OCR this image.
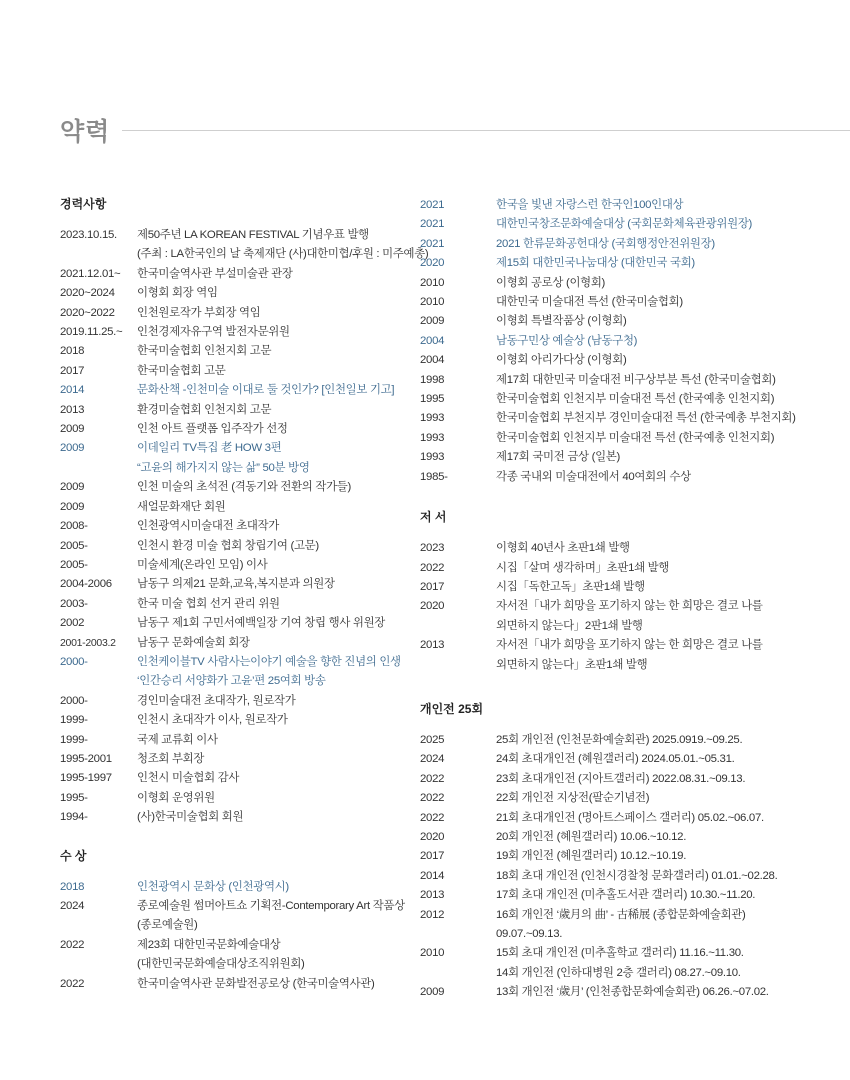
약력
경력사항
2023.10.15.	제50주년 LA KOREAN FESTIVAL 기념우표 발행
(주최 : LA한국인의 날 축제재단 (사)대한미협/후원 : 미주예총)
2021.12.01~	한국미술역사관 부설미술관 관장
2020~2024	이형회 회장 역임
2020~2022	인천원로작가 부회장 역임
2019.11.25.~	인천경제자유구역 발전자문위원
2018	한국미술협회 인천지회 고문
2017	한국미술협회 고문
2014	문화산책 -인천미술 이대로 둘 것인가? [인천일보 기고]
2013	환경미술협회 인천지회 고문
2009	인천 아트 플랫폼 입주작가 선정
2009	이데일리 TV특집 老 HOW 3편
“고윤의 해가지지 않는 삶” 50분 방영
2009	인천 미술의 초석전 (격동기와 전환의 작가들)
2009	새얼문화재단 회원
2008-	인천광역시미술대전 초대작가
2005-	인천시 환경 미술 협회 창립기여 (고문)
2005-	미술세계(온라인 모임) 이사
2004-2006	남동구 의제21 문화,교육,복지분과 의원장
2003-	한국 미술 협회 선거 관리 위원
2002	남동구 제1회 구민서예백일장 기여 창립 행사 위원장
2001-2003.2	남동구 문화예술회 회장
2000-	인천케이블TV 사람사는이야기 예술을 향한 진념의 인생
‘인간승리 서양화가 고윤’편 25여회 방송
2000-	경인미술대전 초대작가, 원로작가
1999-	인천시 초대작가 이사, 원로작가
1999-	국제 교류회 이사
1995-2001	청조회 부회장
1995-1997	인천시 미술협회 감사
1995-	이형회 운영위원
1994-	(사)한국미술협회 회원
수 상
2018	인천광역시 문화상 (인천광역시)
2024	종로예술원 썸머아트쇼 기획전-Contemporary Art 작품상
(종로예술원)
2022	제23회 대한민국문화예술대상
(대한민국문화예술대상조직위원회)
2022	한국미술역사관 문화발전공로상 (한국미술역사관)
2021	한국을 빛낸 자랑스런 한국인100인대상
2021	대한민국창조문화예술대상 (국회문화체육관광위원장)
2021	2021 한류문화공헌대상 (국회행정안전위원장)
2020	제15회 대한민국나눔대상 (대한민국 국회)
2010	이형회 공로상 (이형회)
2010	대한민국 미술대전 특선 (한국미술협회)
2009	이형회 특별작품상 (이형회)
2004	남동구민상 예술상 (남동구청)
2004	이형회 아리가다상 (이형회)
1998	제17회 대한민국 미술대전 비구상부분 특선 (한국미술협회)
1995	한국미술협회 인천지부 미술대전 특선 (한국예총 인천지회)
1993	한국미술협회 부천지부 경인미술대전 특선 (한국예총 부천지회)
1993	한국미술협회 인천지부 미술대전 특선 (한국예총 인천지회)
1993	제17회 국미전 금상 (일본)
1985-	각종 국내외 미술대전에서 40여회의 수상
저 서
2023	이형회 40년사 초판1쇄 발행
2022	시집「살며 생각하며」초판1쇄 발행
2017	시집「독한고독」초판1쇄 발행
2020	자서전「내가 희망을 포기하지 않는 한 희망은 결코 나를
외면하지 않는다」2판1쇄 발행
2013	자서전「내가 희망을 포기하지 않는 한 희망은 결코 나를
외면하지 않는다」초판1쇄 발행
개인전 25회
2025	25회 개인전 (인천문화예술회관) 2025.0919.~09.25.
2024	24회 초대개인전 (혜원갤러리) 2024.05.01.~05.31.
2022	23회 초대개인전 (지아트갤러리) 2022.08.31.~09.13.
2022	22회 개인전 지상전(팔순기념전)
2022	21회 초대개인전 (명아트스페이스 갤러리) 05.02.~06.07.
2020	20회 개인전 (혜원갤러리) 10.06.~10.12.
2017	19회 개인전 (혜원갤러리) 10.12.~10.19.
2014	18회 초대 개인전 (인천시경찰청 문화갤러리) 01.01.~02.28.
2013	17회 초대 개인전 (미추홀도서관 갤러리) 10.30.~11.20.
2012	16회 개인전 ‘歲月의 曲’ - 古稀展 (종합문화예술회관)
09.07.~09.13.
2010	15회 초대 개인전 (미추홀학교 갤러리) 11.16.~11.30.
14회 개인전 (인하대병원 2층 갤러리) 08.27.~09.10.
2009	13회 개인전 ‘歲月’ (인천종합문화예술회관) 06.26.~07.02.
